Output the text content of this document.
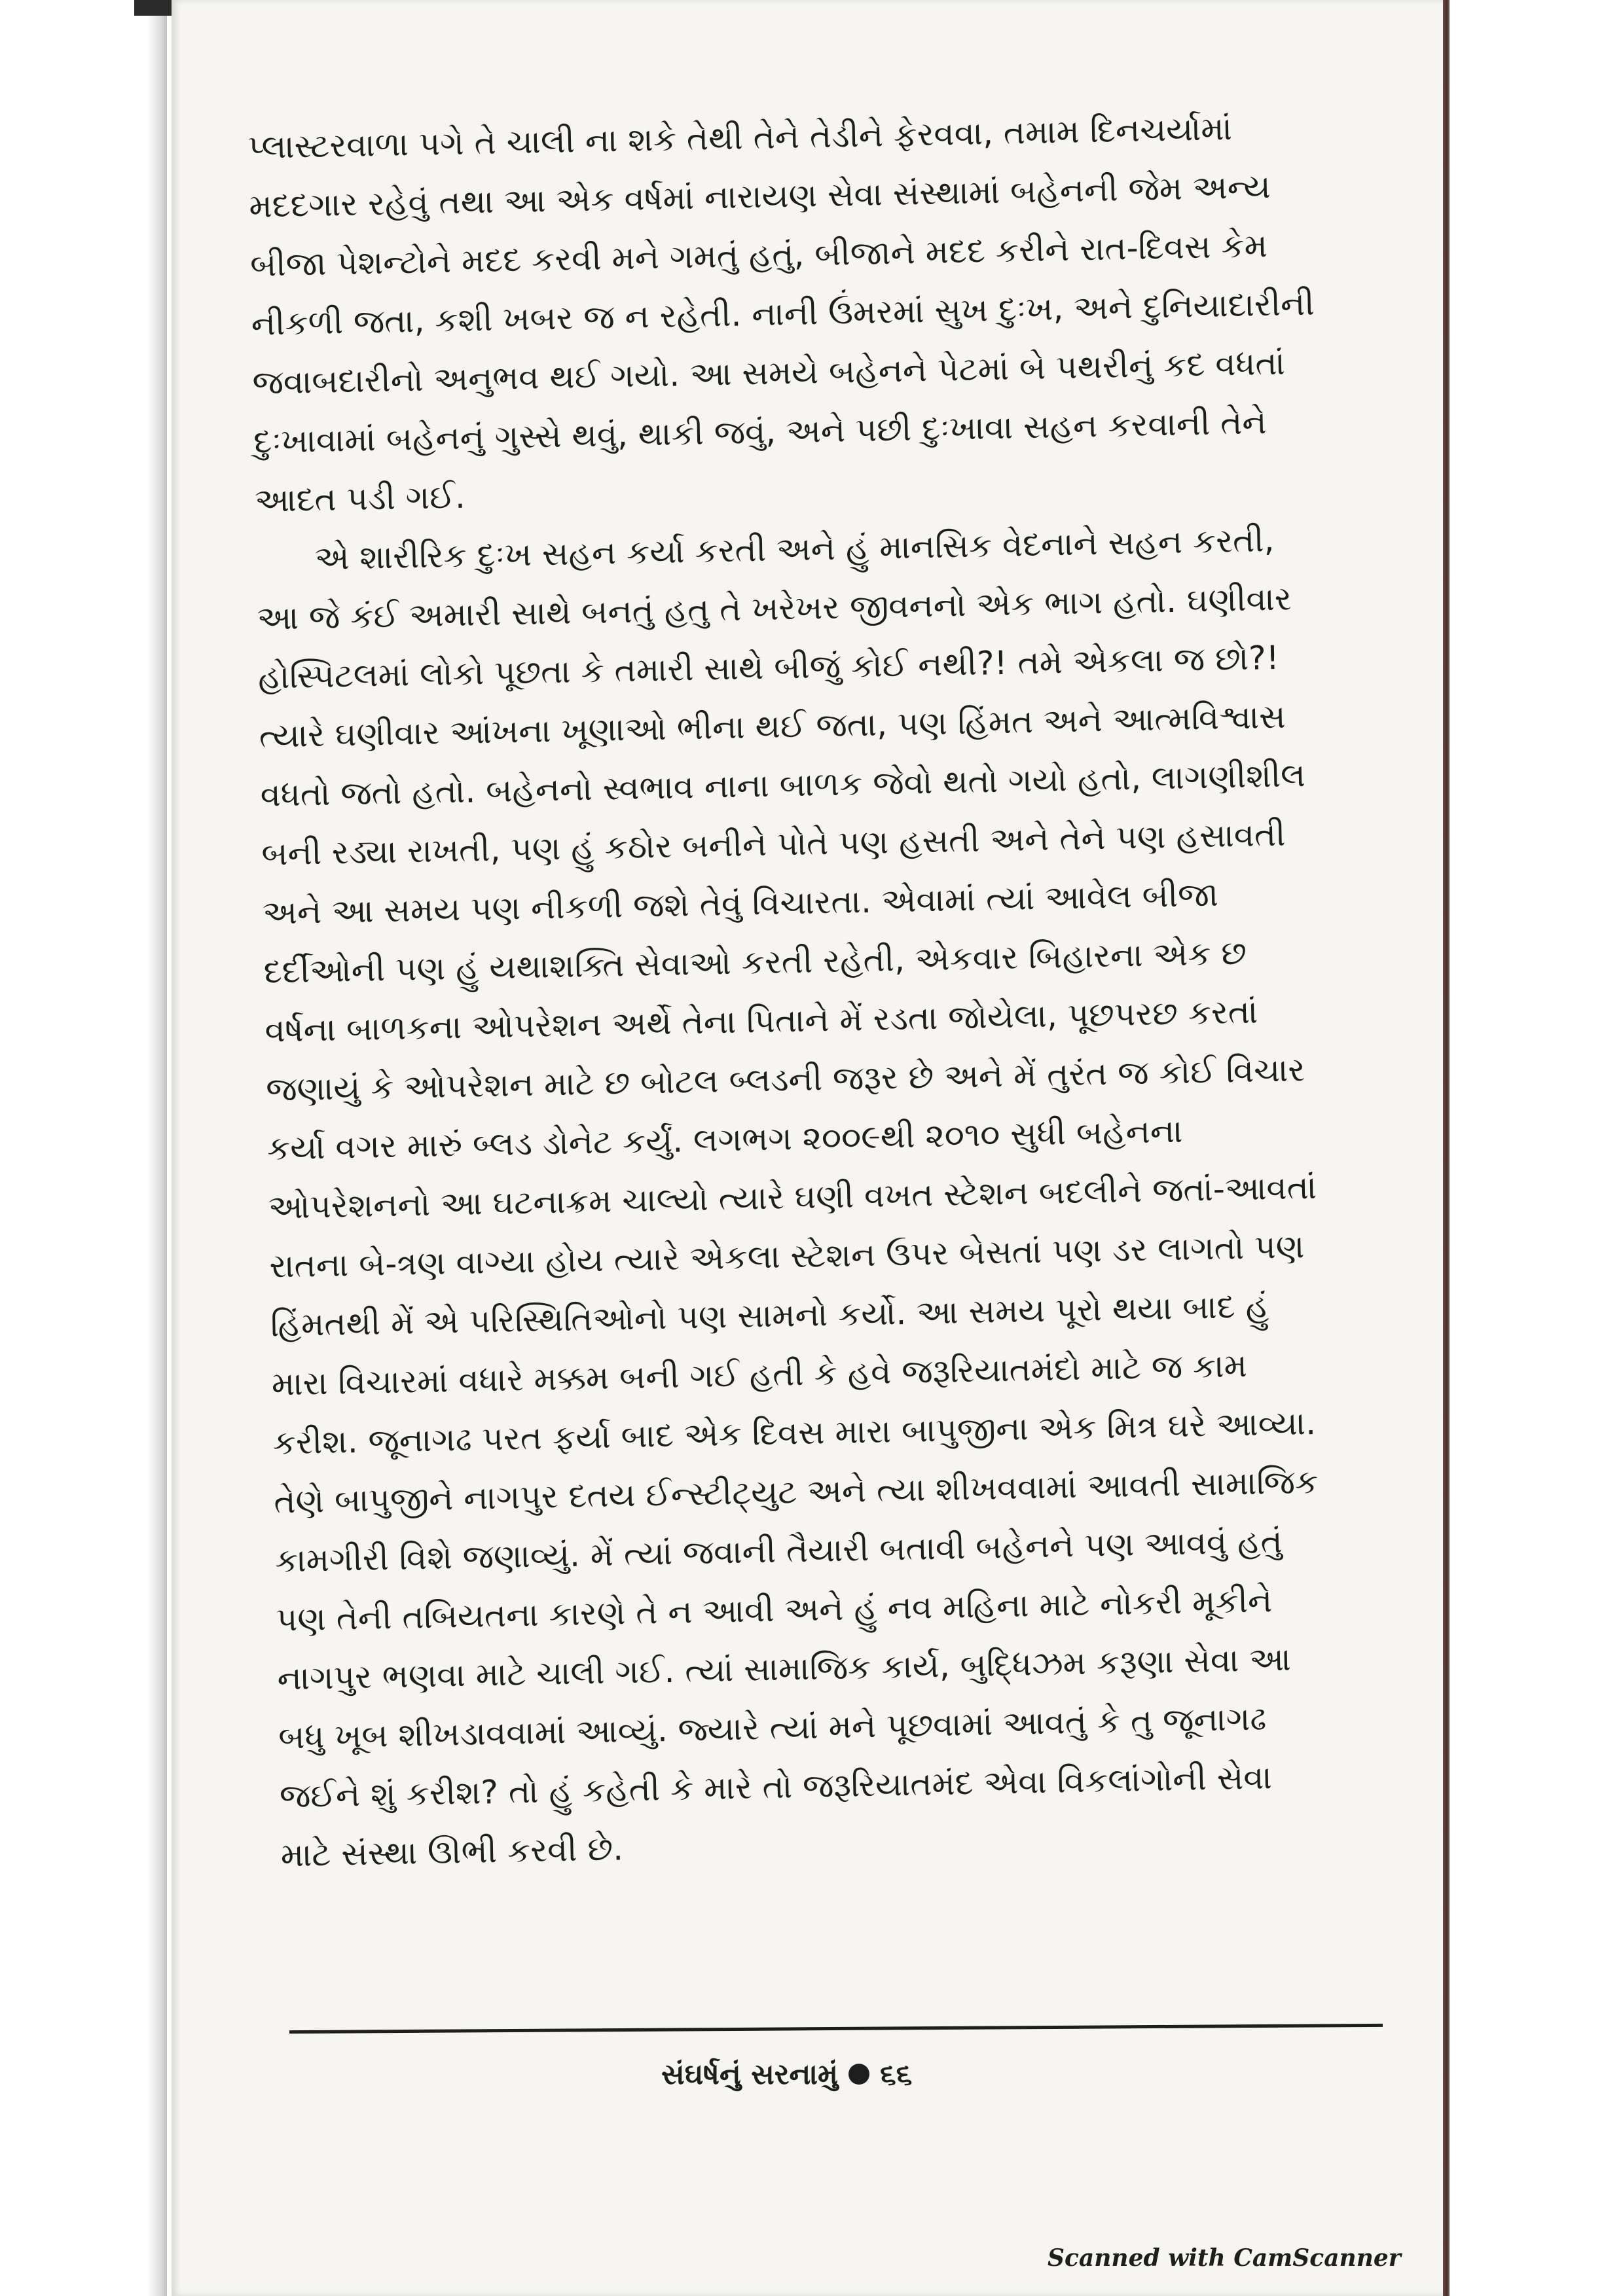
પ્લાસ્ટરવાળા પગે તે ચાલી ના શકે તેથી તેને તેડીને ફેરવવા, તમામ દિનચર્યામાં
મદદગાર રહેવું તથા આ એક વર્ષમાં નારાયણ સેવા સંસ્થામાં બહેનની જેમ અન્ય
બીજા પેશન્ટોને મદદ કરવી મને ગમતું હતું, બીજાને મદદ કરીને રાત-દિવસ કેમ
નીકળી જતા, કશી ખબર જ ન રહેતી. નાની ઉંમરમાં સુખ દુઃખ, અને દુનિયાદારીની
જવાબદારીનો અનુભવ થઈ ગયો. આ સમયે બહેનને પેટમાં બે પથરીનું કદ વધતાં
દુઃખાવામાં બહેનનું ગુસ્સે થવું, થાકી જવું, અને પછી દુઃખાવા સહન કરવાની તેને
આદત પડી ગઈ.
એ શારીરિક દુઃખ સહન કર્યા કરતી અને હું માનસિક વેદનાને સહન કરતી,
આ જે કંઈ અમારી સાથે બનતું હતુ તે ખરેખર જીવનનો એક ભાગ હતો. ઘણીવાર
હોસ્પિટલમાં લોકો પૂછતા કે તમારી સાથે બીજું કોઈ નથી?! તમે એકલા જ છો?!
ત્યારે ઘણીવાર આંખના ખૂણાઓ ભીના થઈ જતા, પણ હિંમત અને આત્મવિશ્વાસ
વધતો જતો હતો. બહેનનો સ્વભાવ નાના બાળક જેવો થતો ગયો હતો, લાગણીશીલ
બની રડ્યા રાખતી, પણ હું કઠોર બનીને પોતે પણ હસતી અને તેને પણ હસાવતી
અને આ સમય પણ નીકળી જશે તેવું વિચારતા. એવામાં ત્યાં આવેલ બીજા
દર્દીઓની પણ હું યથાશક્તિ સેવાઓ કરતી રહેતી, એકવાર બિહારના એક છ
વર્ષના બાળકના ઓપરેશન અર્થે તેના પિતાને મેં રડતા જોયેલા, પૂછપરછ કરતાં
જણાયું કે ઓપરેશન માટે છ બોટલ બ્લડની જરૂર છે અને મેં તુરંત જ કોઈ વિચાર
કર્યા વગર મારું બ્લડ ડોનેટ કર્યું. લગભગ ૨૦૦૯થી ૨૦૧૦ સુધી બહેનના
ઓપરેશનનો આ ઘટનાક્રમ ચાલ્યો ત્યારે ઘણી વખત સ્ટેશન બદલીને જતાં-આવતાં
રાતના બે-ત્રણ વાગ્યા હોય ત્યારે એકલા સ્ટેશન ઉપર બેસતાં પણ ડર લાગતો પણ
હિંમતથી મેં એ પરિસ્થિતિઓનો પણ સામનો કર્યો. આ સમય પૂરો થયા બાદ હું
મારા વિચારમાં વધારે મક્કમ બની ગઈ હતી કે હવે જરૂરિયાતમંદો માટે જ કામ
કરીશ. જૂનાગઢ પરત ફર્યા બાદ એક દિવસ મારા બાપુજીના એક મિત્ર ઘરે આવ્યા.
તેણે બાપુજીને નાગપુર દતય ઈન્સ્ટીટ્યુટ અને ત્યા શીખવવામાં આવતી સામાજિક
કામગીરી વિશે જણાવ્યું. મેં ત્યાં જવાની તૈયારી બતાવી બહેનને પણ આવવું હતું
પણ તેની તબિયતના કારણે તે ન આવી અને હું નવ મહિના માટે નોકરી મૂકીને
નાગપુર ભણવા માટે ચાલી ગઈ. ત્યાં સામાજિક કાર્ય, બુદ્ધિઝમ કરૂણા સેવા આ
બધુ ખૂબ શીખડાવવામાં આવ્યું. જ્યારે ત્યાં મને પૂછવામાં આવતું કે તુ જૂનાગઢ
જઈને શું કરીશ? તો હું કહેતી કે મારે તો જરૂરિયાતમંદ એવા વિકલાંગોની સેવા
માટે સંસ્થા ઊભી કરવી છે.
સંઘર્ષનું સરનામું ૬૬
Scanned with CamScanner
